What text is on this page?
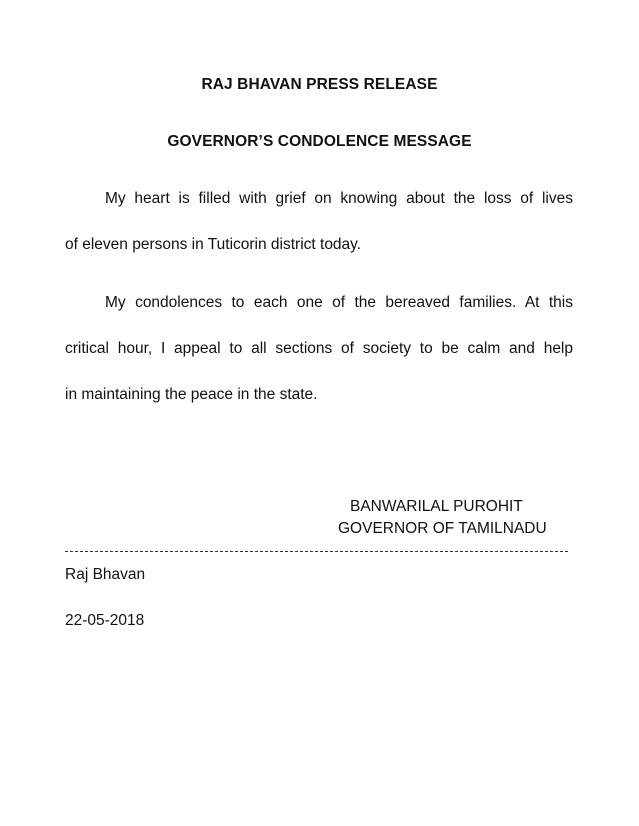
RAJ BHAVAN PRESS RELEASE
GOVERNOR’S CONDOLENCE MESSAGE
My heart is filled with grief on knowing about the loss of lives
of eleven persons in Tuticorin district today.
My condolences to each one of the bereaved families. At this
critical hour, I appeal to all sections of society to be calm and help
in maintaining the peace in the state.
BANWARILAL PUROHIT
GOVERNOR OF TAMILNADU
Raj Bhavan
22-05-2018
